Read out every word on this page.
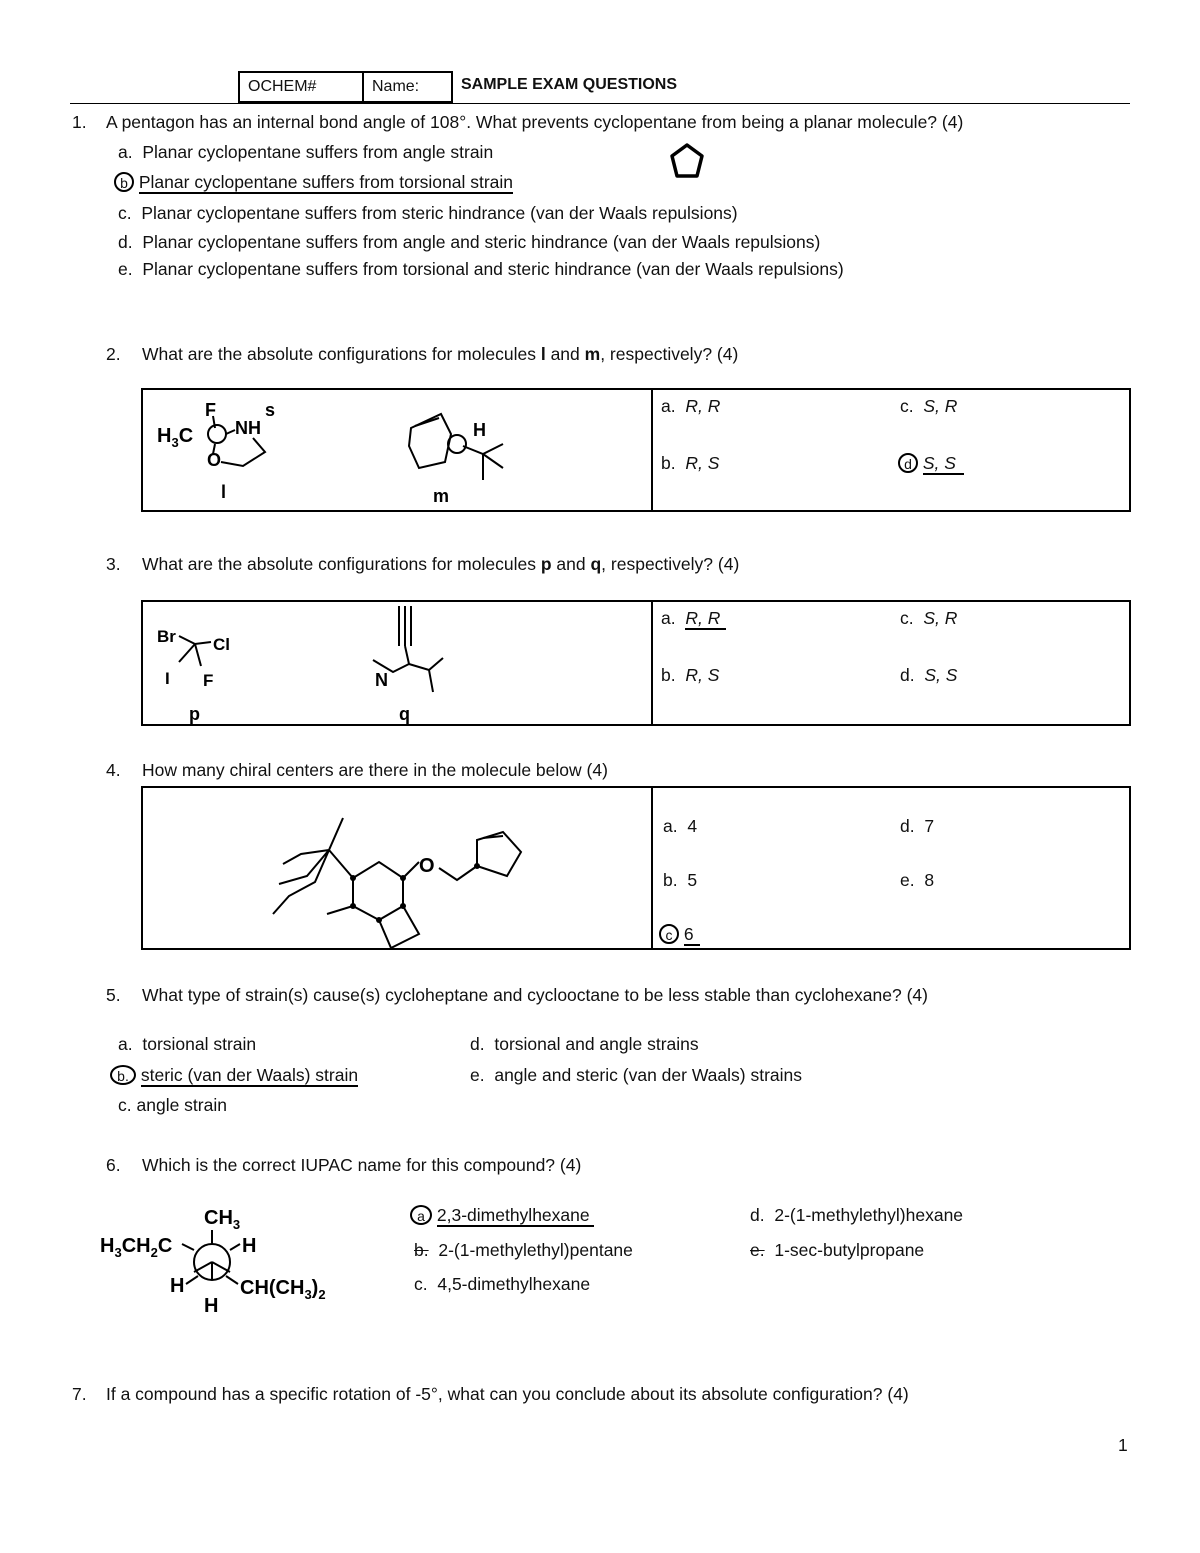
OCHEM#	Name:	SAMPLE EXAM QUESTIONS
1. A pentagon has an internal bond angle of 108°. What prevents cyclopentane from being a planar molecule? (4)
a. Planar cyclopentane suffers from angle strain
b Planar cyclopentane suffers from torsional strain
c. Planar cyclopentane suffers from steric hindrance (van der Waals repulsions)
d. Planar cyclopentane suffers from angle and steric hindrance (van der Waals repulsions)
e. Planar cyclopentane suffers from torsional and steric hindrance (van der Waals repulsions)
2. What are the absolute configurations for molecules l and m, respectively? (4)
F
$H_3C$ NH
O
s
l
H
m
a. R, R	c. S, R
b. R, S	d S, S
3. What are the absolute configurations for molecules p and q, respectively? (4)
Br Cl
I F
p
N
q
a. R, R	c. S, R
b. R, S	d. S, S
4. How many chiral centers are there in the molecule below (4)
O
a. 4	d. 7
b. 5	e. 8
c 6
5. What type of strain(s) cause(s) cycloheptane and cyclooctane to be less stable than cyclohexane? (4)
a. torsional strain	d. torsional and angle strains
b. steric (van der Waals) strain	e. angle and steric (van der Waals) strains
c. angle strain
6. Which is the correct IUPAC name for this compound? (4)
$CH_3$
$H_3CH_2C$	H
H
H
$CH(CH_3)_2$
a 2,3-dimethylhexane	d. 2-(1-methylethyl)hexane
b. 2-(1-methylethyl)pentane	e. 1-sec-butylpropane
c. 4,5-dimethylhexane
7. If a compound has a specific rotation of -5°, what can you conclude about its absolute configuration? (4)
1
